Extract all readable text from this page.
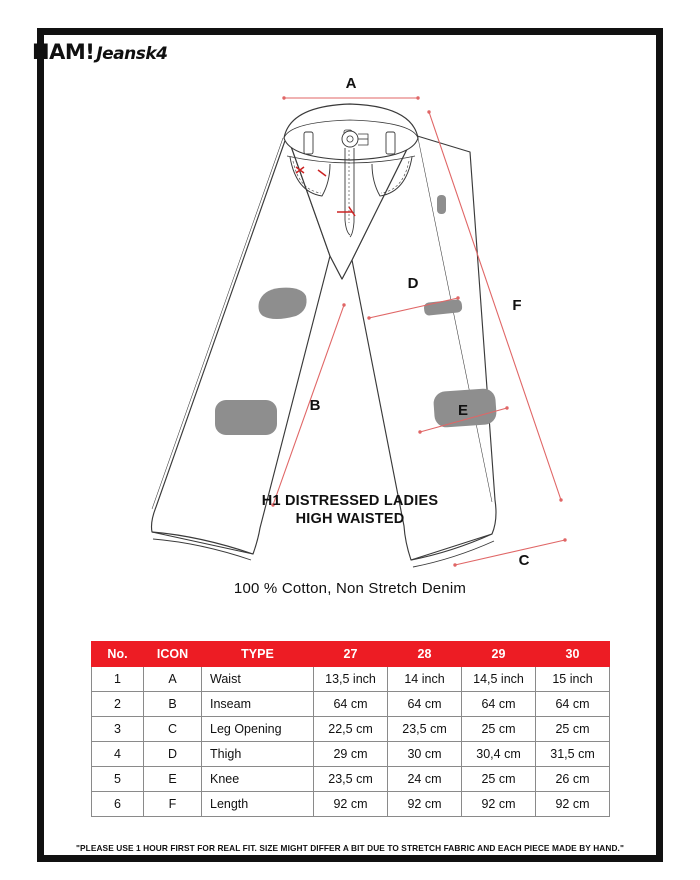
HAM! Jeansk4
A
B
C
D
E
F
H1 DISTRESSED LADIES
HIGH WAISTED
100 % Cotton, Non Stretch Denim
No.	ICON	TYPE	27	28	29	30
1	A	Waist	13,5 inch	14 inch	14,5 inch	15 inch
2	B	Inseam	64 cm	64 cm	64 cm	64 cm
3	C	Leg Opening	22,5 cm	23,5 cm	25 cm	25 cm
4	D	Thigh	29 cm	30 cm	30,4 cm	31,5 cm
5	E	Knee	23,5 cm	24 cm	25 cm	26 cm
6	F	Length	92 cm	92 cm	92 cm	92 cm
"PLEASE USE 1 HOUR FIRST FOR REAL FIT. SIZE MIGHT DIFFER A BIT DUE TO STRETCH FABRIC AND EACH PIECE MADE BY HAND."
